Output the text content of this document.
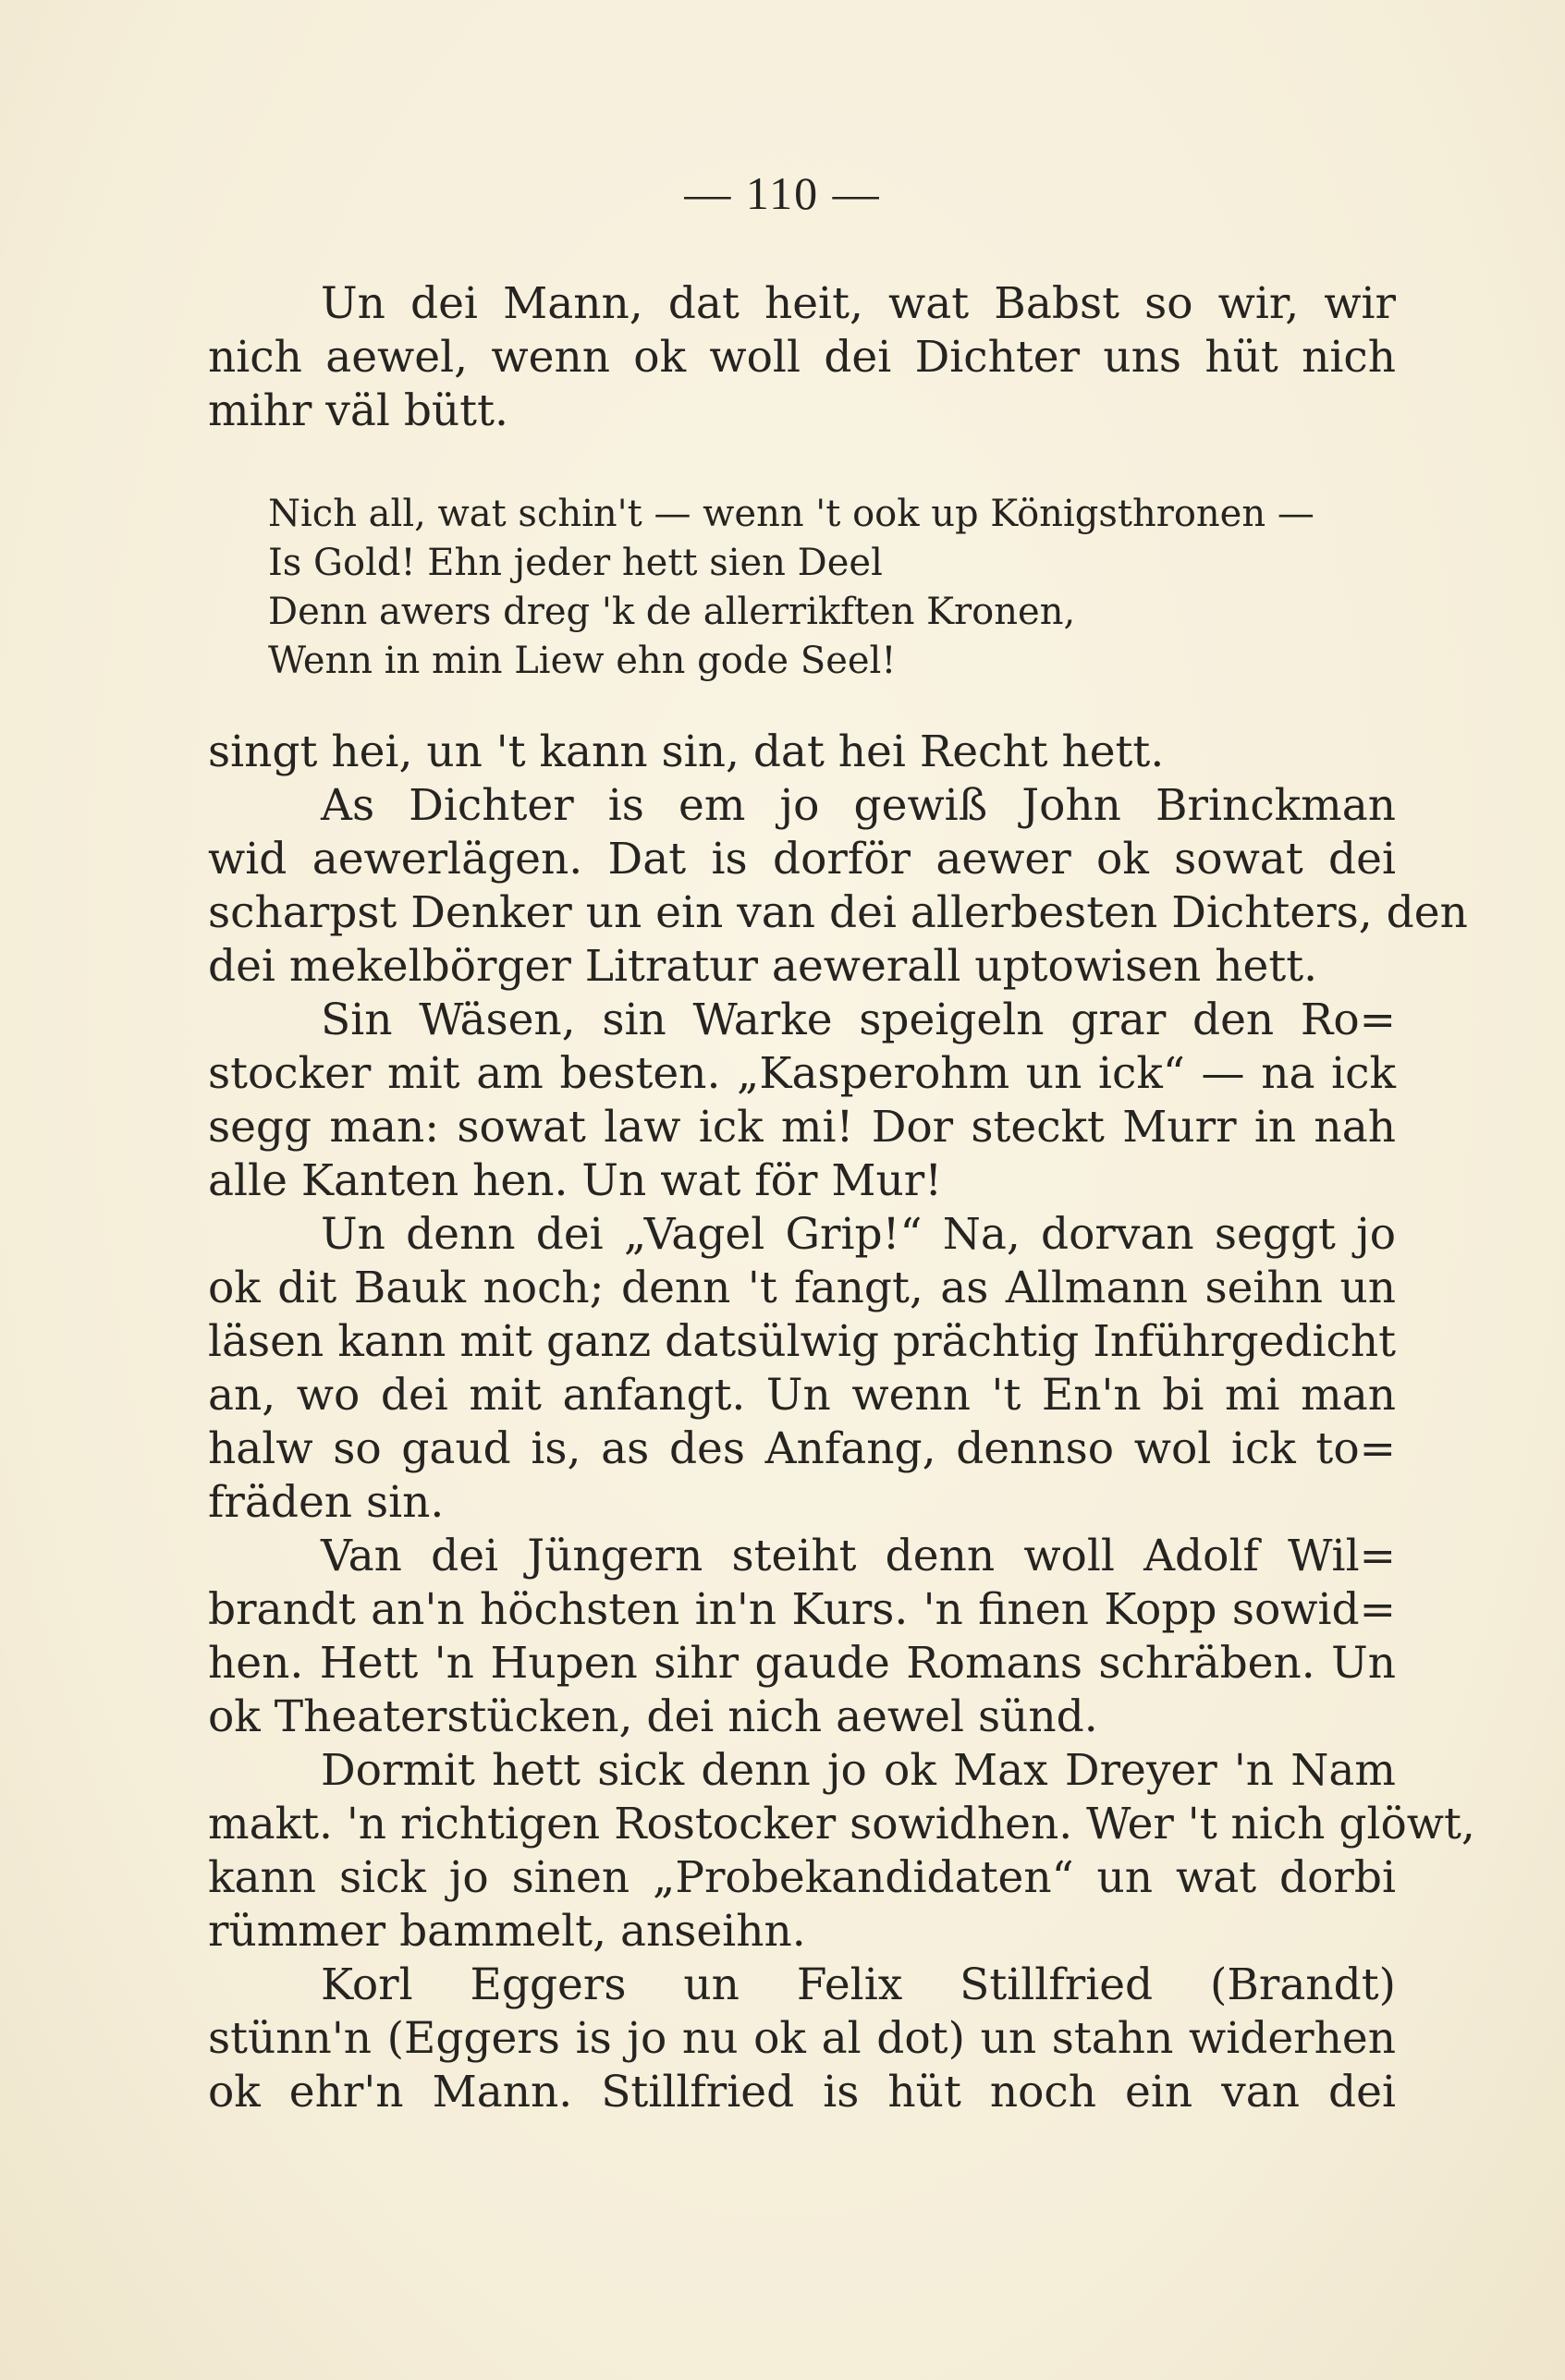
— 110 —
Un dei Mann, dat heit, wat Babst so wir, wir
nich aewel, wenn ok woll dei Dichter uns hüt nich
mihr väl bütt.
Nich all, wat schin't — wenn 't ook up Königsthronen —
Is Gold! Ehn jeder hett sien Deel
Denn awers dreg 'k de allerrikften Kronen,
Wenn in min Liew ehn gode Seel!
singt hei, un 't kann sin, dat hei Recht hett.
As Dichter is em jo gewiß John Brinckman
wid aewerlägen. Dat is dorför aewer ok sowat dei
scharpst Denker un ein van dei allerbesten Dichters, den
dei mekelbörger Litratur aewerall uptowisen hett.
Sin Wäsen, sin Warke speigeln grar den Ro=
stocker mit am besten. „Kasperohm un ick“ — na ick
segg man: sowat law ick mi! Dor steckt Murr in nah
alle Kanten hen. Un wat för Mur!
Un denn dei „Vagel Grip!“ Na, dorvan seggt jo
ok dit Bauk noch; denn 't fangt, as Allmann seihn un
läsen kann mit ganz datsülwig prächtig Inführgedicht
an, wo dei mit anfangt. Un wenn 't En'n bi mi man
halw so gaud is, as des Anfang, dennso wol ick to=
fräden sin.
Van dei Jüngern steiht denn woll Adolf Wil=
brandt an'n höchsten in'n Kurs. 'n finen Kopp sowid=
hen. Hett 'n Hupen sihr gaude Romans schräben. Un
ok Theaterstücken, dei nich aewel sünd.
Dormit hett sick denn jo ok Max Dreyer 'n Nam
makt. 'n richtigen Rostocker sowidhen. Wer 't nich glöwt,
kann sick jo sinen „Probekandidaten“ un wat dorbi
rümmer bammelt, anseihn.
Korl Eggers un Felix Stillfried (Brandt)
stünn'n (Eggers is jo nu ok al dot) un stahn widerhen
ok ehr'n Mann. Stillfried is hüt noch ein van dei
